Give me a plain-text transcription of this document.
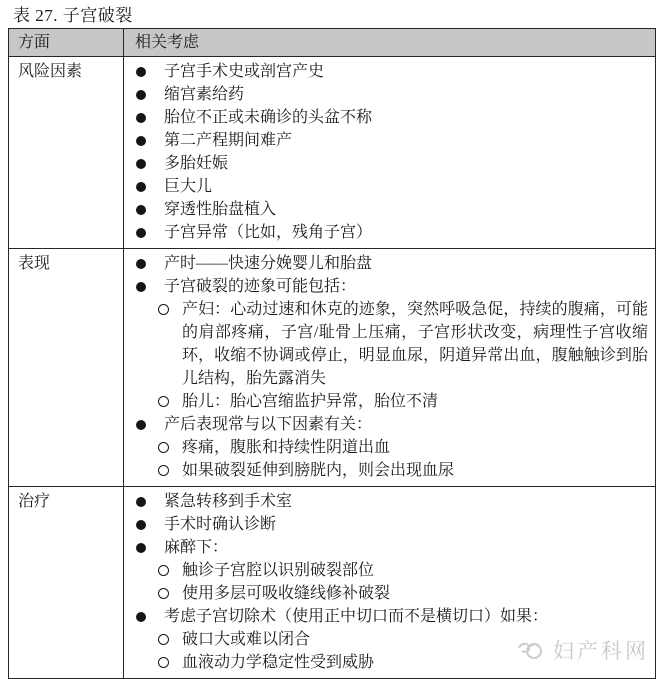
表 27. 子宫破裂
方面	相关考虑
风险因素	子宫手术史或剖宫产史
缩宫素给药
胎位不正或未确诊的头盆不称
第二产程期间难产
多胎妊娠
巨大儿
穿透性胎盘植入
子宫异常（比如，残角子宫）

表现	产时——快速分娩婴儿和胎盘
子宫破裂的迹象可能包括：
产妇：心动过速和休克的迹象，突然呼吸急促，持续的腹痛，可能的肩部疼痛，子宫/耻骨上压痛，子宫形状改变，病理性子宫收缩环，收缩不协调或停止，明显血尿，阴道异常出血，腹触触诊到胎儿结构，胎先露消失
胎儿：胎心宫缩监护异常，胎位不清
产后表现常与以下因素有关：
疼痛，腹胀和持续性阴道出血
如果破裂延伸到膀胱内，则会出现血尿

治疗	紧急转移到手术室
手术时确认诊断
麻醉下：
触诊子宫腔以识别破裂部位
使用多层可吸收缝线修补破裂
考虑子宫切除术（使用正中切口而不是横切口）如果：
破口大或难以闭合
血液动力学稳定性受到威胁	妇产科网
